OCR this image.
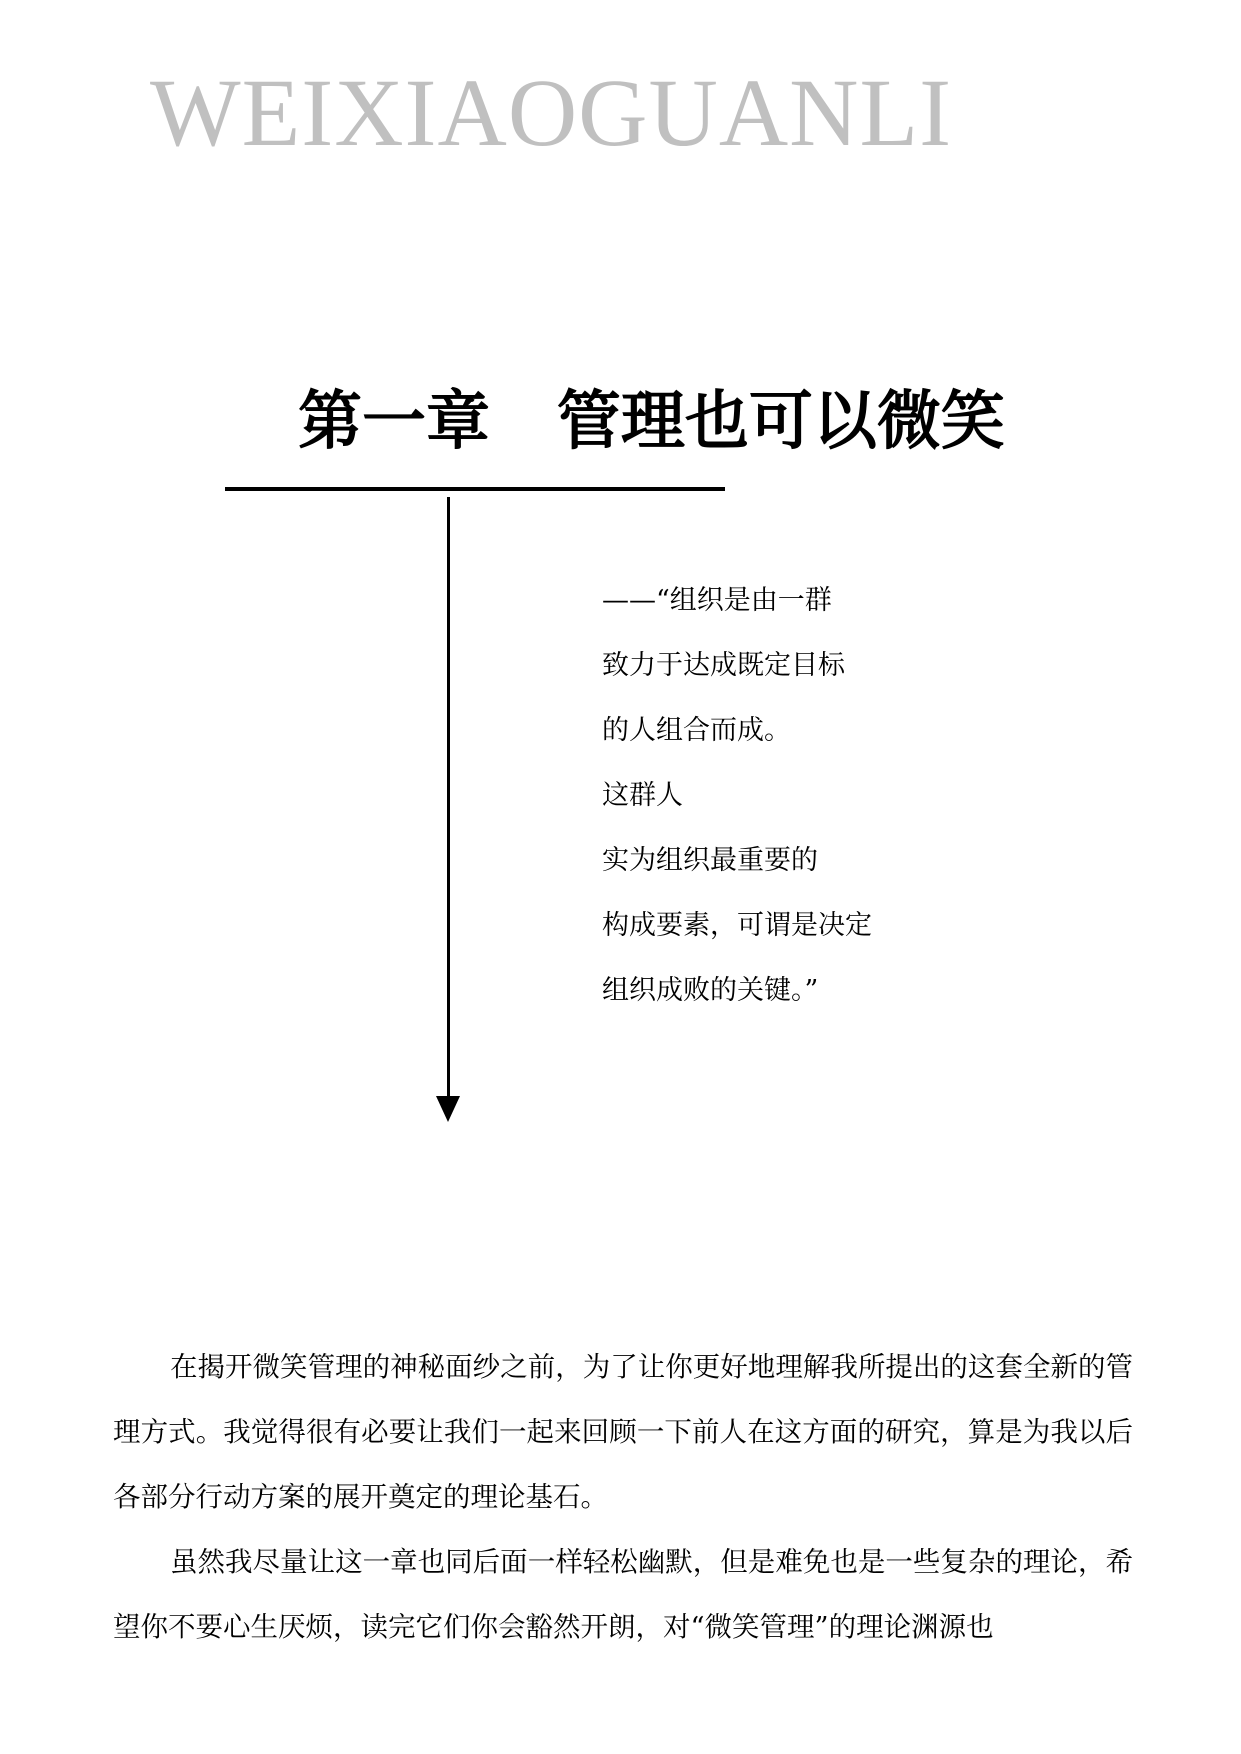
WEIXIAOGUANLI
第一章   管理也可以微笑
——“组织是由一群
致力于达成既定目标
的人组合而成。
这群人
实为组织最重要的
构成要素，可谓是决定
组织成败的关键。”

在揭开微笑管理的神秘面纱之前，为了让你更好地理解我所提出的这套全新的管理方式。我觉得很有必要让我们一起来回顾一下前人在这方面的研究，算是为我以后各部分行动方案的展开奠定的理论基石。

虽然我尽量让这一章也同后面一样轻松幽默，但是难免也是一些复杂的理论，希望你不要心生厌烦，读完它们你会豁然开朗，对“微笑管理”的理论渊源也
